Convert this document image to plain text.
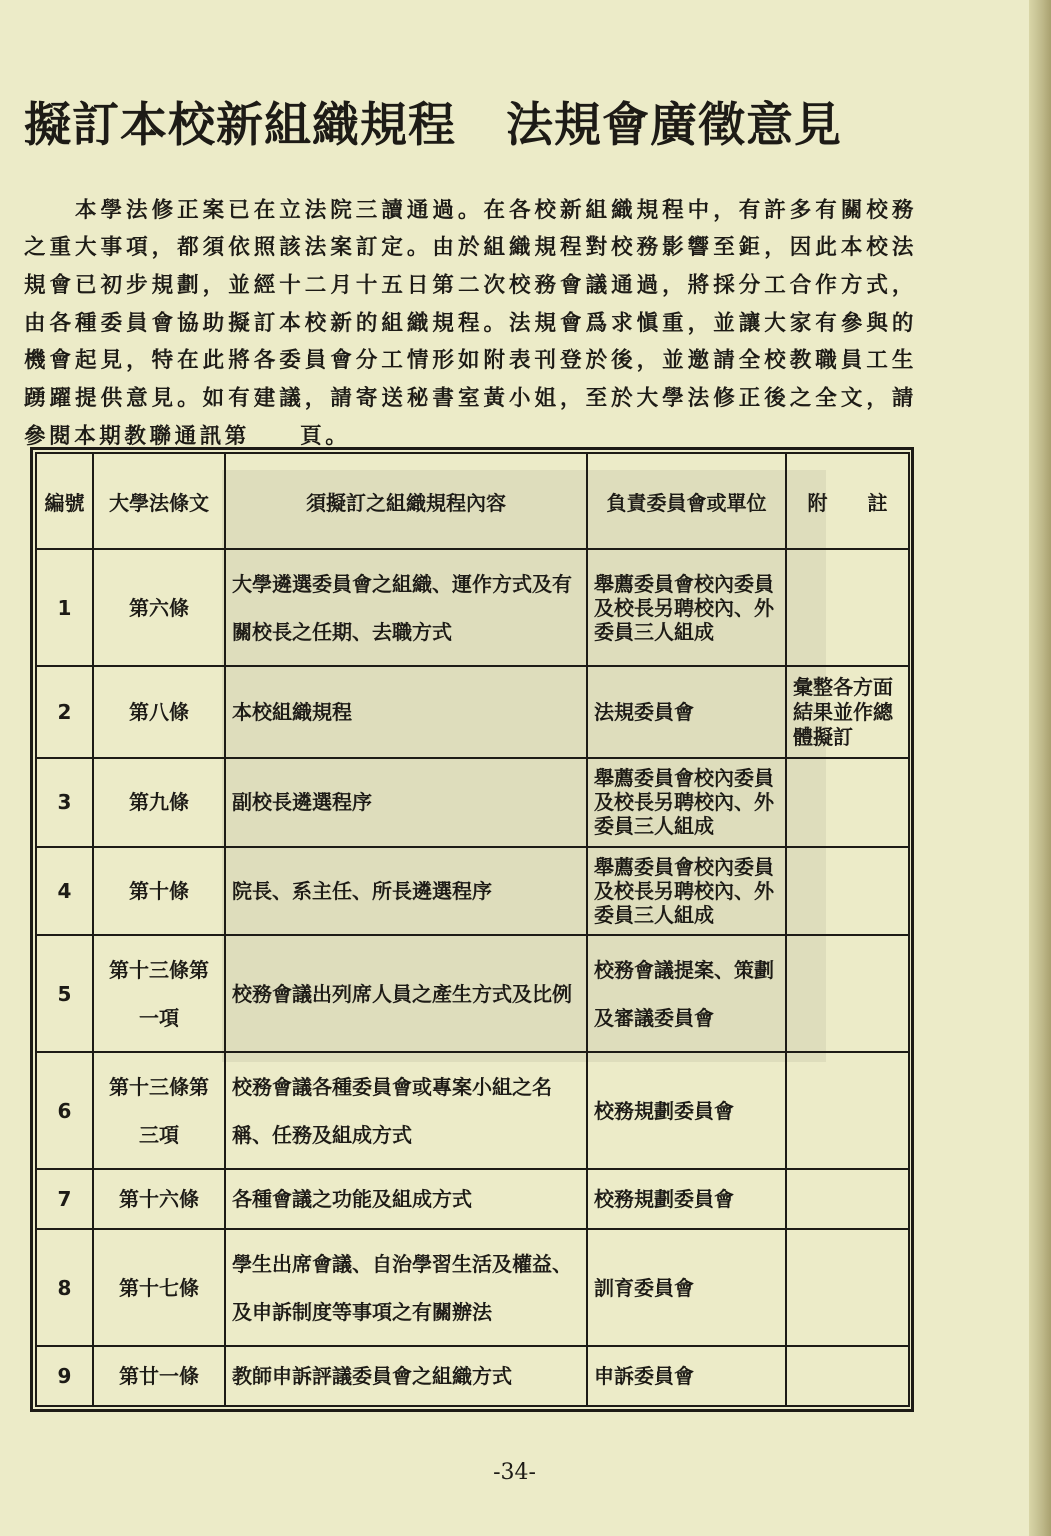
擬訂本校新組織規程 法規會廣徵意見

本學法修正案已在立法院三讀通過。在各校新組織規程中，有許多有關校務之重大事項，都須依照該法案訂定。由於組織規程對校務影響至鉅，因此本校法規會已初步規劃，並經十二月十五日第二次校務會議通過，將採分工合作方式，由各種委員會協助擬訂本校新的組織規程。法規會爲求愼重，並讓大家有參與的機會起見，特在此將各委員會分工情形如附表刊登於後，並邀請全校教職員工生踴躍提供意見。如有建議，請寄送秘書室黃小姐，至於大學法修正後之全文，請參閱本期教聯通訊第　　頁。

編號	大學法條文	須擬訂之組織規程內容	負責委員會或單位	附　　註
1	第六條	大學遴選委員會之組織、運作方式及有關校長之任期、去職方式	舉薦委員會校內委員及校長另聘校內、外委員三人組成	
2	第八條	本校組織規程	法規委員會	彙整各方面結果並作總體擬訂
3	第九條	副校長遴選程序	舉薦委員會校內委員及校長另聘校內、外委員三人組成	
4	第十條	院長、系主任、所長遴選程序	舉薦委員會校內委員及校長另聘校內、外委員三人組成	
5	第十三條第一項	校務會議出列席人員之產生方式及比例	校務會議提案、策劃及審議委員會	
6	第十三條第三項	校務會議各種委員會或專案小組之名稱、任務及組成方式	校務規劃委員會	
7	第十六條	各種會議之功能及組成方式	校務規劃委員會	
8	第十七條	學生出席會議、自治學習生活及權益、及申訴制度等事項之有關辦法	訓育委員會	
9	第廿一條	教師申訴評議委員會之組織方式	申訴委員會	
-34-
